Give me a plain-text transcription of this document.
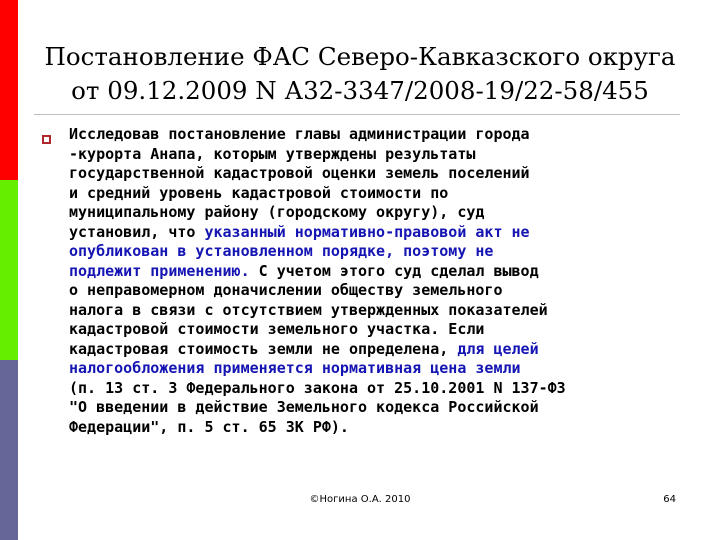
Постановление ФАС Северо-Кавказского округа
от 09.12.2009 N А32-3347/2008-19/22-58/455
Исследовав постановление главы администрации города
-курорта Анапа, которым утверждены результаты
государственной кадастровой оценки земель поселений
и средний уровень кадастровой стоимости по
муниципальному району (городскому округу), суд
установил, что указанный нормативно-правовой акт не
опубликован в установленном порядке, поэтому не
подлежит применению. С учетом этого суд сделал вывод
о неправомерном доначислении обществу земельного
налога в связи с отсутствием утвержденных показателей
кадастровой стоимости земельного участка. Если
кадастровая стоимость земли не определена, для целей
налогообложения применяется нормативная цена земли
(п. 13 ст. 3 Федерального закона от 25.10.2001 N 137-ФЗ
"О введении в действие Земельного кодекса Российской
Федерации", п. 5 ст. 65 ЗК РФ).
©Ногина О.А. 2010	64
